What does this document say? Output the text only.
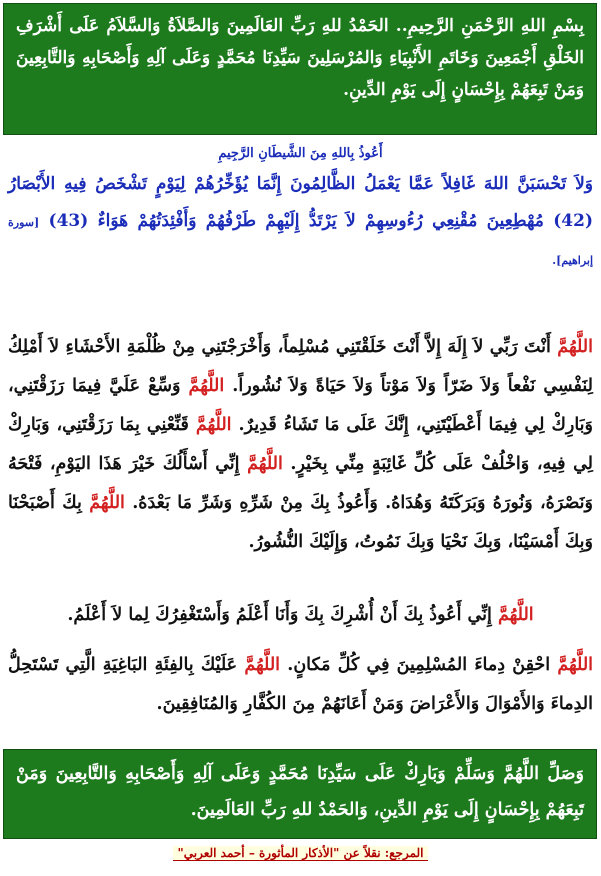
بِسْمِ اللهِ الرَّحْمَنِ الرَّحِيمِ.. الحَمْدُ للهِ رَبِّ العَالَمِينَ وَالصَّلاَةُ وَالسَّلاَمُ عَلَى أَشْرَفِ الخَلْقِ أَجْمَعِينَ وَخَاتَمِ الأَنْبِيَاءِ وَالمُرْسَلِينَ سَيِّدِنَا مُحَمَّدٍ وَعَلَى آلِهِ وَأَصْحَابِهِ وَالتَّابِعِينَ وَمَنْ تَبِعَهُمْ بِإِحْسَانٍ إِلَى يَوْمِ الدِّينِ.
أَعُوذُ بِاللهِ مِنَ الشَّيطَانِ الرَّجِيمِ
وَلاَ تَحْسَبَنَّ اللهَ غَافِلاً عَمَّا يَعْمَلُ الظَّالِمُونَ إِنَّمَا يُؤَخِّرُهُمْ لِيَوْمٍ تَشْخَصُ فِيهِ الأَبْصَارُ (42) مُهْطِعِينَ مُقْنِعِي رُءُوسِهِمْ لاَ يَرْتَدُّ إِلَيْهِمْ طَرْفُهُمْ وَأَفْئِدَتُهُمْ هَوَاءٌ (43) [سورة إبراهيم].
اللَّهُمَّ أَنْتَ رَبِّي لاَ إِلَهَ إِلاَّ أَنْتَ خَلَقْتَنِي مُسْلِماً، وَأَخْرَجْتَنِي مِنْ ظُلْمَةِ الأَحْشَاءِ لاَ أَمْلِكُ لِنَفْسِي نَفْعاً وَلاَ ضَرّاً وَلاَ مَوْتاً وَلاَ حَيَاةً وَلاَ نُشُوراً. اللَّهُمَّ وَسِّعْ عَلَيَّ فِيمَا رَزَقْتَنِي، وَبَارِكْ لِي فِيمَا أَعْطَيْتَنِي، إِنَّكَ عَلَى مَا تَشَاءُ قَدِيرٌ. اللَّهُمَّ قَنِّعْنِي بِمَا رَزَقْتَنِي، وَبَارِكْ لِي فِيهِ، وَاخْلُفْ عَلَى كُلِّ غَائِبَةٍ مِنِّي بِخَيْرٍ. اللَّهُمَّ إِنِّي أَسْأَلُكَ خَيْرَ هَذَا اليَوْمِ، فَتْحَهُ وَنَصْرَهُ، وَنُورَهُ وَبَرَكَتَهُ وَهُدَاهُ. وَأَعُوذُ بِكَ مِنْ شَرِّهِ وَشَرِّ مَا بَعْدَهُ. اللَّهُمَّ بِكَ أَصْبَحْنَا وَبِكَ أَمْسَيْنَا، وَبِكَ نَحْيَا وَبِكَ نَمُوتُ، وَإِلَيْكَ النُّشُورُ.
اللَّهُمَّ إِنِّي أَعُوذُ بِكَ أَنْ أُشْرِكَ بِكَ وَأَنَا أَعْلَمُ وَأَسْتَغْفِرُكَ لِما لاَ أَعْلَمُ.
اللَّهُمَّ احْقِنْ دِماءَ المُسْلِمِينَ فِي كُلِّ مَكانٍ. اللَّهُمَّ عَلَيْكَ بِالفِئَةِ البَاغِيَةِ الَّتِي تَسْتَحِلُّ الدِماءَ وَالأَمْوَالَ وَالأَعْرَاضَ وَمَنْ أَعَانَهُمْ مِنَ الكُفَّارِ وَالمُنَافِقِينَ.
وَصَلِّ اللَّهُمَّ وَسَلِّمْ وَبَارِكْ عَلَى سَيِّدِنَا مُحَمَّدٍ وَعَلَى آلِهِ وَأَصْحَابِهِ وَالتَّابِعِينَ وَمَنْ تَبِعَهُمْ بِإِحْسَانٍ إِلَى يَوْمِ الدِّينِ، وَالحَمْدُ للهِ رَبِّ العَالَمِينَ.
المرجع: نقلاً عن "الأذكار المأثورة – أحمد العربي"
